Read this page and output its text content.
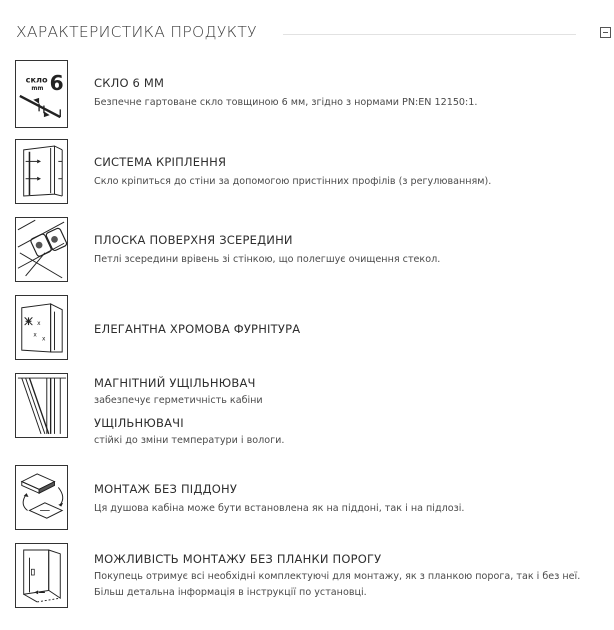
ХАРАКТЕРИСТИКА ПРОДУКТУ
скло
mm 6	СКЛО 6 ММ
Безпечне гартоване скло товщиною 6 мм, згідно з нормами PN:EN 12150:1.
СИСТЕМА КРІПЛЕННЯ
Скло кріпиться до стіни за допомогою пристінних профілів (з регулюванням).
ПЛОСКА ПОВЕРХНЯ ЗСЕРЕДИНИ
Петлі зсередини врівень зі стінкою, що полегшує очищення стекол.
x
x
x
ЕЛЕГАНТНА ХРОМОВА ФУРНІТУРА
МАГНІТНИЙ УЩІЛЬНЮВАЧ
забезпечує герметичність кабіни
УЩІЛЬНЮВАЧІ
стійкі до зміни температури і вологи.
МОНТАЖ БЕЗ ПІДДОНУ
Ця душова кабіна може бути встановлена як на піддоні, так і на підлозі.
МОЖЛИВІСТЬ МОНТАЖУ БЕЗ ПЛАНКИ ПОРОГУ
Покупець отримує всі необхідні комплектуючі для монтажу, як з планкою порога, так і без неї. Більш детальна інформація в інструкції по установці.
